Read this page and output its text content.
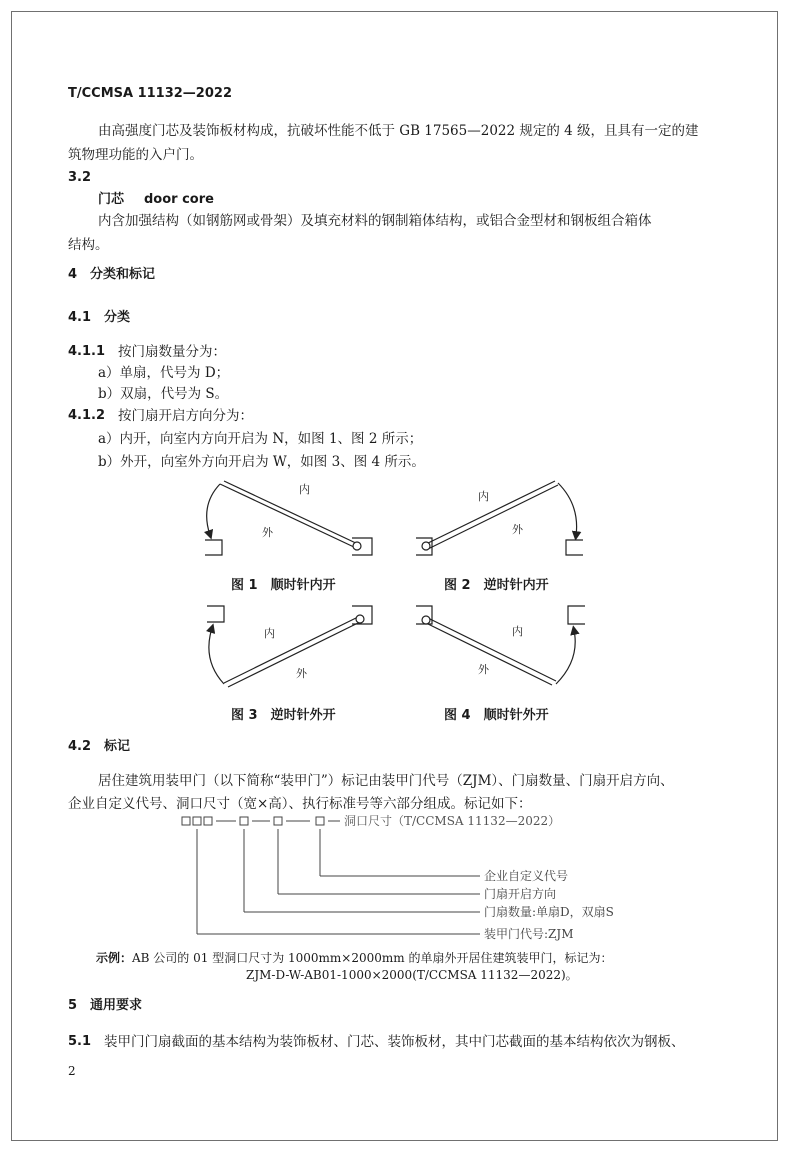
T/CCMSA 11132—2022
由高强度门芯及装饰板材构成，抗破坏性能不低于 GB 17565—2022 规定的 4 级，且具有一定的建
筑物理功能的入户门。
3.2
门芯 door core
内含加强结构（如钢筋网或骨架）及填充材料的钢制箱体结构，或铝合金型材和钢板组合箱体
结构。
4　分类和标记
4.1　分类
4.1.1 按门扇数量分为：
a）单扇，代号为 D；
b）双扇，代号为 S。
4.1.2 按门扇开启方向分为：
a）内开，向室内方向开启为 N，如图 1、图 2 所示；
b）外开，向室外方向开启为 W，如图 3、图 4 所示。
内
外
内
外
内
外
内
外
图 1　顺时针内开	图 2　逆时针内开
图 3　逆时针外开	图 4　顺时针外开
4.2　标记
居住建筑用装甲门（以下简称“装甲门”）标记由装甲门代号（ZJM）、门扇数量、门扇开启方向、
企业自定义代号、洞口尺寸（宽×高）、执行标准号等六部分组成。标记如下：
洞口尺寸（T/CCMSA 11132—2022）
企业自定义代号
门扇开启方向
门扇数量:单扇D，双扇S
装甲门代号:ZJM
示例： AB 公司的 01 型洞口尺寸为 1000mm×2000mm 的单扇外开居住建筑装甲门，标记为：
ZJM-D-W-AB01-1000×2000(T/CCMSA 11132—2022)。
5　通用要求
5.1 装甲门门扇截面的基本结构为装饰板材、门芯、装饰板材，其中门芯截面的基本结构依次为钢板、
2
